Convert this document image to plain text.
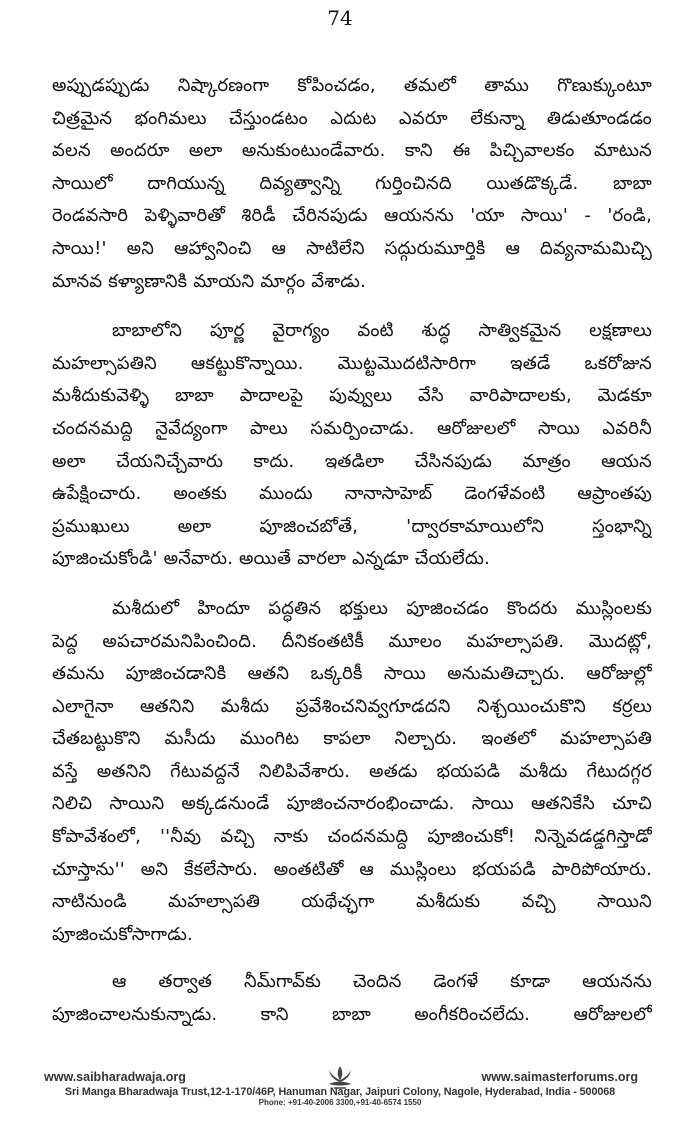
74
అప్పుడప్పుడు నిష్కారణంగా కోపించడం, తమలో తాము గొణుక్కుంటూ
చిత్రమైన భంగిమలు చేస్తుండటం ఎదుట ఎవరూ లేకున్నా తిడుతూండడం
వలన అందరూ అలా అనుకుంటుండేవారు. కాని ఈ పిచ్చివాలకం మాటున
సాయిలో దాగియున్న దివ్యత్వాన్ని గుర్తించినది యితడొక్కడే. బాబా
రెండవసారి పెళ్ళివారితో శిరిడీ చేరినపుడు ఆయనను 'యా సాయి' - 'రండి,
సాయి!' అని ఆహ్వానించి ఆ సాటిలేని సద్గురుమూర్తికి ఆ దివ్యనామమిచ్చి
మానవ కళ్యాణానికి మాయని మార్గం వేశాడు.
బాబాలోని పూర్ణ వైరాగ్యం వంటి శుద్ధ సాత్వికమైన లక్షణాలు
మహల్సాపతిని ఆకట్టుకొన్నాయి. మొట్టమొదటిసారిగా ఇతడే ఒకరోజున
మశీదుకువెళ్ళి బాబా పాదాలపై పువ్వులు వేసి వారిపాదాలకు, మెడకూ
చందనమద్ది నైవేద్యంగా పాలు సమర్పించాడు. ఆరోజులలో సాయి ఎవరినీ
అలా చేయనిచ్చేవారు కాదు. ఇతడిలా చేసినపుడు మాత్రం ఆయన
ఉపేక్షించారు. అంతకు ముందు నానాసాహెబ్ డెంగళేవంటి ఆప్రాంతపు
ప్రముఖులు అలా పూజించబోతే, 'ద్వారకామాయిలోని స్తంభాన్ని
పూజించుకోండి' అనేవారు. అయితే వారలా ఎన్నడూ చేయలేదు.
మశీదులో హిందూ పద్ధతిన భక్తులు పూజించడం కొందరు ముస్లింలకు
పెద్ద అపచారమనిపించింది. దీనికంతటికీ మూలం మహల్సాపతి. మొదట్లో,
తమను పూజించడానికి ఆతని ఒక్కరికీ సాయి అనుమతిచ్చారు. ఆరోజుల్లో
ఎలాగైనా ఆతనిని మశీదు ప్రవేశించనివ్వగూడదని నిశ్చయించుకొని కర్రలు
చేతబట్టుకొని మసీదు ముంగిట కాపలా నిల్చారు. ఇంతలో మహల్సాపతి
వస్తే అతనిని గేటువద్దనే నిలిపివేశారు. అతడు భయపడి మశీదు గేటుదగ్గర
నిలిచి సాయిని అక్కడనుండే పూజించనారంభించాడు. సాయి ఆతనికేసి చూచి
కోపావేశంలో, ''నీవు వచ్చి నాకు చందనమద్ది పూజించుకో! నిన్నెవడడ్డగిస్తాడో
చూస్తాను'' అని కేకలేసారు. అంతటితో ఆ ముస్లింలు భయపడి పారిపోయారు.
నాటినుండి మహల్సాపతి యథేచ్ఛగా మశీదుకు వచ్చి సాయిని
పూజించుకోసాగాడు.
ఆ తర్వాత నీమ్‌గావ్‌కు చెందిన డెంగళే కూడా ఆయనను
పూజించాలనుకున్నాడు. కాని బాబా అంగీకరించలేదు. ఆరోజులలో
www.saibharadwaja.org	www.saimasterforums.org
Sri Manga Bharadwaja Trust,12-1-170/46P, Hanuman Nagar, Jaipuri Colony, Nagole, Hyderabad, India - 500068
Phone: +91-40-2006 3300,+91-40-6574 1550
